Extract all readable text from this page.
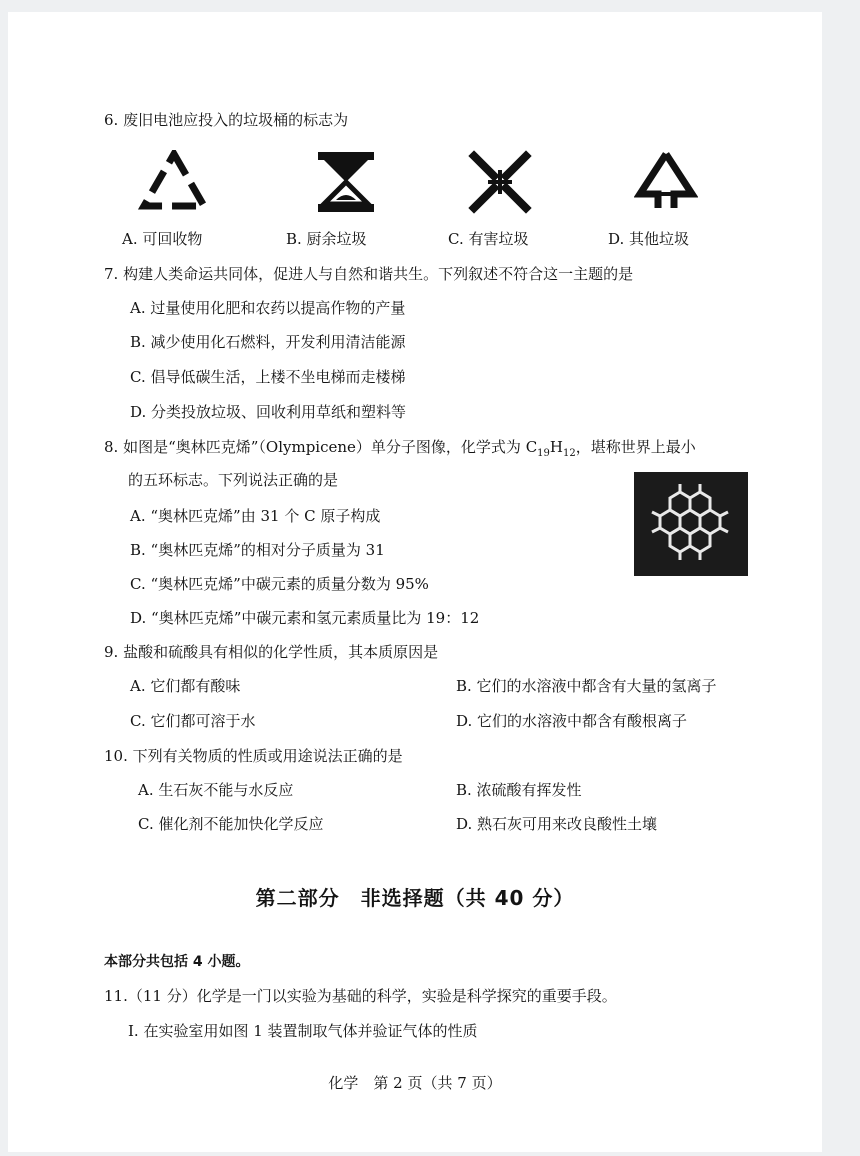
6. 废旧电池应投入的垃圾桶的标志为
A. 可回收物	B. 厨余垃圾	C. 有害垃圾	D. 其他垃圾
7. 构建人类命运共同体，促进人与自然和谐共生。下列叙述不符合这一主题的是
A. 过量使用化肥和农药以提高作物的产量
B. 减少使用化石燃料，开发利用清洁能源
C. 倡导低碳生活，上楼不坐电梯而走楼梯
D. 分类投放垃圾、回收利用草纸和塑料等
8. 如图是“奥林匹克烯”（Olympicene）单分子图像，化学式为 $C_{19}H_{12}$，堪称世界上最小
的五环标志。下列说法正确的是
A. “奥林匹克烯”由 31 个 C 原子构成
B. “奥林匹克烯”的相对分子质量为 31
C. “奥林匹克烯”中碳元素的质量分数为 95%
D. “奥林匹克烯”中碳元素和氢元素质量比为 19：12
9. 盐酸和硫酸具有相似的化学性质，其本质原因是
A. 它们都有酸味	B. 它们的水溶液中都含有大量的氢离子
C. 它们都可溶于水	D. 它们的水溶液中都含有酸根离子
10. 下列有关物质的性质或用途说法正确的是
A. 生石灰不能与水反应	B. 浓硫酸有挥发性
C. 催化剂不能加快化学反应	D. 熟石灰可用来改良酸性土壤
第二部分　非选择题（共 40 分）
本部分共包括 4 小题。
11.（11 分）化学是一门以实验为基础的科学，实验是科学探究的重要手段。
Ⅰ. 在实验室用如图 1 装置制取气体并验证气体的性质
化学　第 2 页（共 7 页）
